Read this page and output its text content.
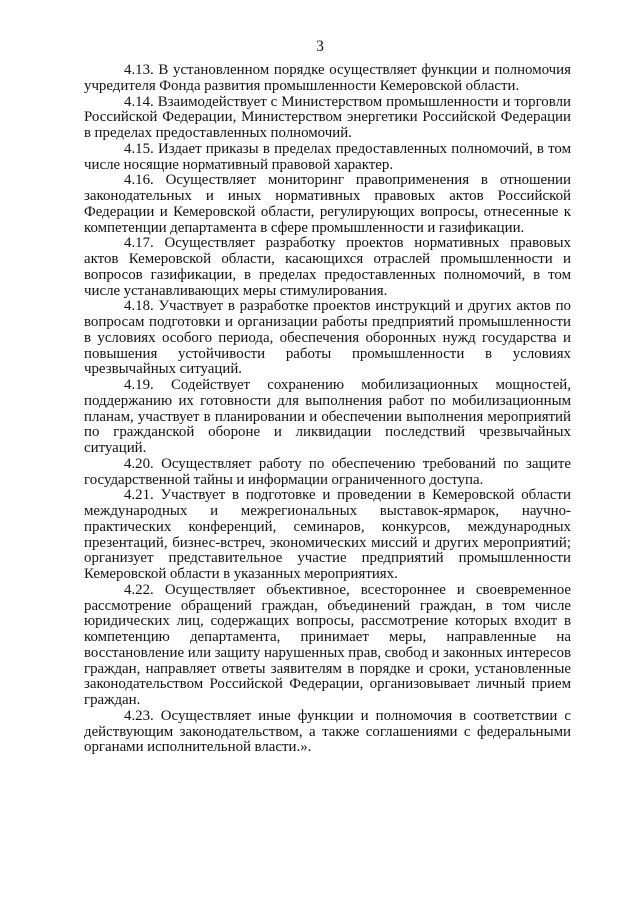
3

4.13. В установленном порядке осуществляет функции и полномочия учредителя Фонда развития промышленности Кемеровской области.

4.14. Взаимодействует с Министерством промышленности и торговли Российской Федерации, Министерством энергетики Российской Федерации в пределах предоставленных полномочий.

4.15. Издает приказы в пределах предоставленных полномочий, в том числе носящие нормативный правовой характер.

4.16. Осуществляет мониторинг правоприменения в отношении законодательных и иных нормативных правовых актов Российской Федерации и Кемеровской области, регулирующих вопросы, отнесенные к компетенции департамента в сфере промышленности и газификации.

4.17. Осуществляет разработку проектов нормативных правовых актов Кемеровской области, касающихся отраслей промышленности и вопросов газификации, в пределах предоставленных полномочий, в том числе устанавливающих меры стимулирования.

4.18. Участвует в разработке проектов инструкций и других актов по вопросам подготовки и организации работы предприятий промышленности в условиях особого периода, обеспечения оборонных нужд государства и повышения устойчивости работы промышленности в условиях чрезвычайных ситуаций.

4.19. Содействует сохранению мобилизационных мощностей, поддержанию их готовности для выполнения работ по мобилизационным планам, участвует в планировании и обеспечении выполнения мероприятий по гражданской обороне и ликвидации последствий чрезвычайных ситуаций.

4.20. Осуществляет работу по обеспечению требований по защите государственной тайны и информации ограниченного доступа.

4.21. Участвует в подготовке и проведении в Кемеровской области международных и межрегиональных выставок-ярмарок, научно-практических конференций, семинаров, конкурсов, международных презентаций, бизнес-встреч, экономических миссий и других мероприятий; организует представительное участие предприятий промышленности Кемеровской области в указанных мероприятиях.

4.22. Осуществляет объективное, всестороннее и своевременное рассмотрение обращений граждан, объединений граждан, в том числе юридических лиц, содержащих вопросы, рассмотрение которых входит в компетенцию департамента, принимает меры, направленные на восстановление или защиту нарушенных прав, свобод и законных интересов граждан, направляет ответы заявителям в порядке и сроки, установленные законодательством Российской Федерации, организовывает личный прием граждан.

4.23. Осуществляет иные функции и полномочия в соответствии с действующим законодательством, а также соглашениями с федеральными органами исполнительной власти.».
